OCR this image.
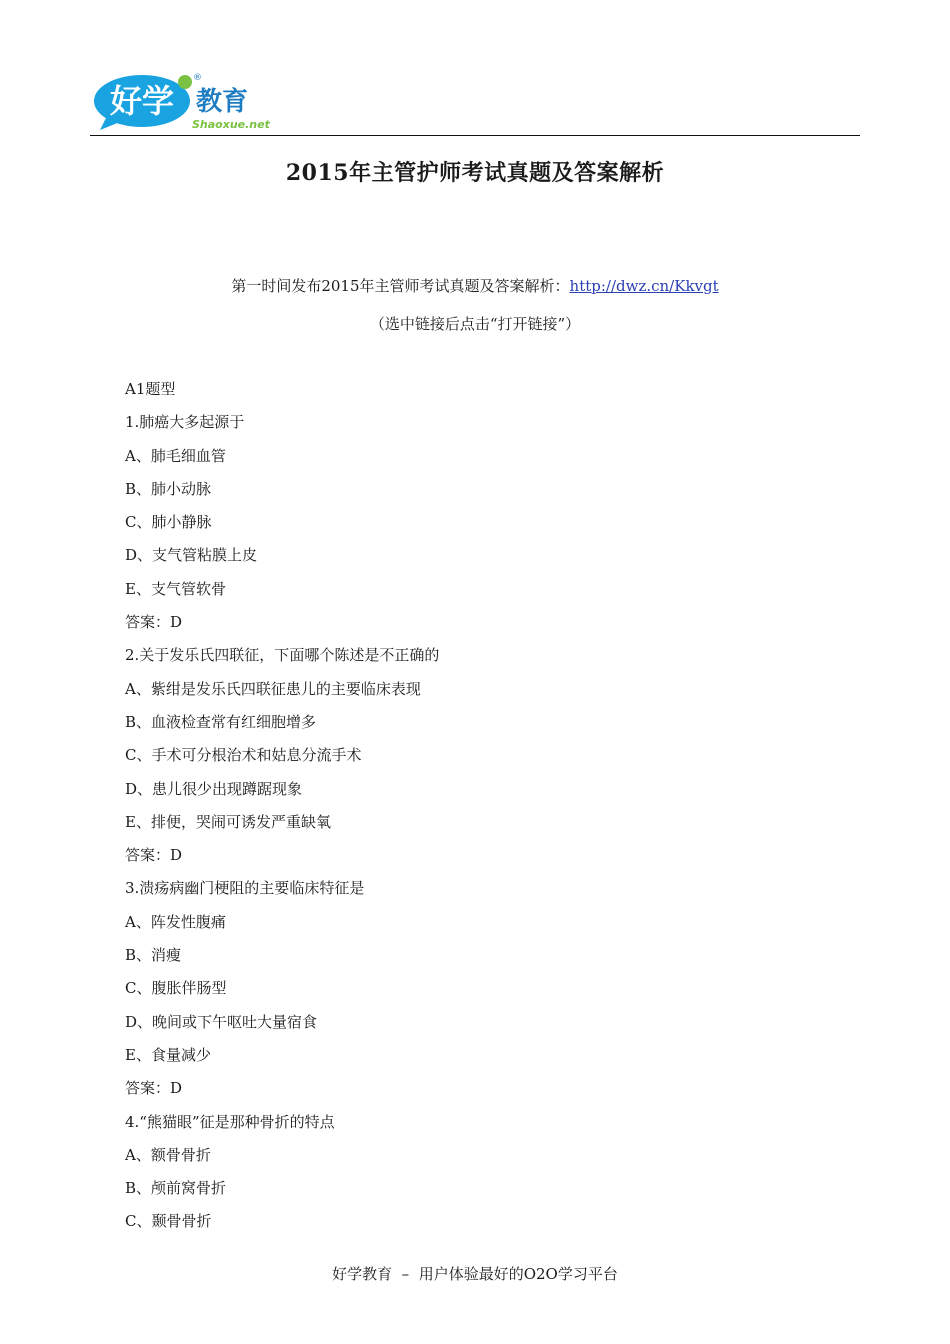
好学 教育
®
Shaoxue.net
2015年主管护师考试真题及答案解析
第一时间发布2015年主管师考试真题及答案解析：http://dwz.cn/Kkvgt
（选中链接后点击“打开链接”）
A1题型
1.肺癌大多起源于
A、肺毛细血管
B、肺小动脉
C、肺小静脉
D、支气管粘膜上皮
E、支气管软骨
答案：D
2.关于发乐氏四联征，下面哪个陈述是不正确的
A、紫绀是发乐氏四联征患儿的主要临床表现
B、血液检查常有红细胞增多
C、手术可分根治术和姑息分流手术
D、患儿很少出现蹲踞现象
E、排便，哭闹可诱发严重缺氧
答案：D
3.溃疡病幽门梗阻的主要临床特征是
A、阵发性腹痛
B、消瘦
C、腹胀伴肠型
D、晚间或下午呕吐大量宿食
E、食量减少
答案：D
4.“熊猫眼”征是那种骨折的特点
A、额骨骨折
B、颅前窝骨折
C、颞骨骨折
好学教育  –  用户体验最好的O2O学习平台
